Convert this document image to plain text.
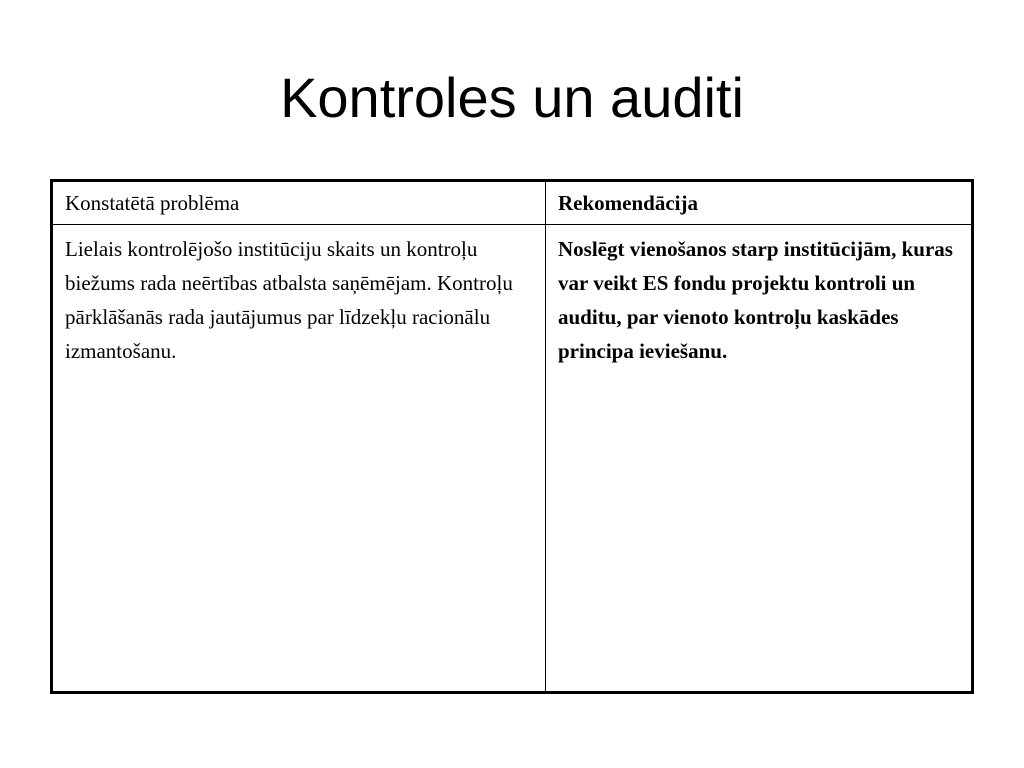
Kontroles un auditi
Konstatētā problēma	Rekomendācija
Lielais kontrolējošo institūciju skaits un kontroļu biežums rada neērtības atbalsta saņēmējam. Kontroļu pārklāšanās rada jautājumus par līdzekļu racionālu izmantošanu.	Noslēgt vienošanos starp institūcijām, kuras var veikt ES fondu projektu kontroli un auditu, par vienoto kontroļu kaskādes principa ieviešanu.
